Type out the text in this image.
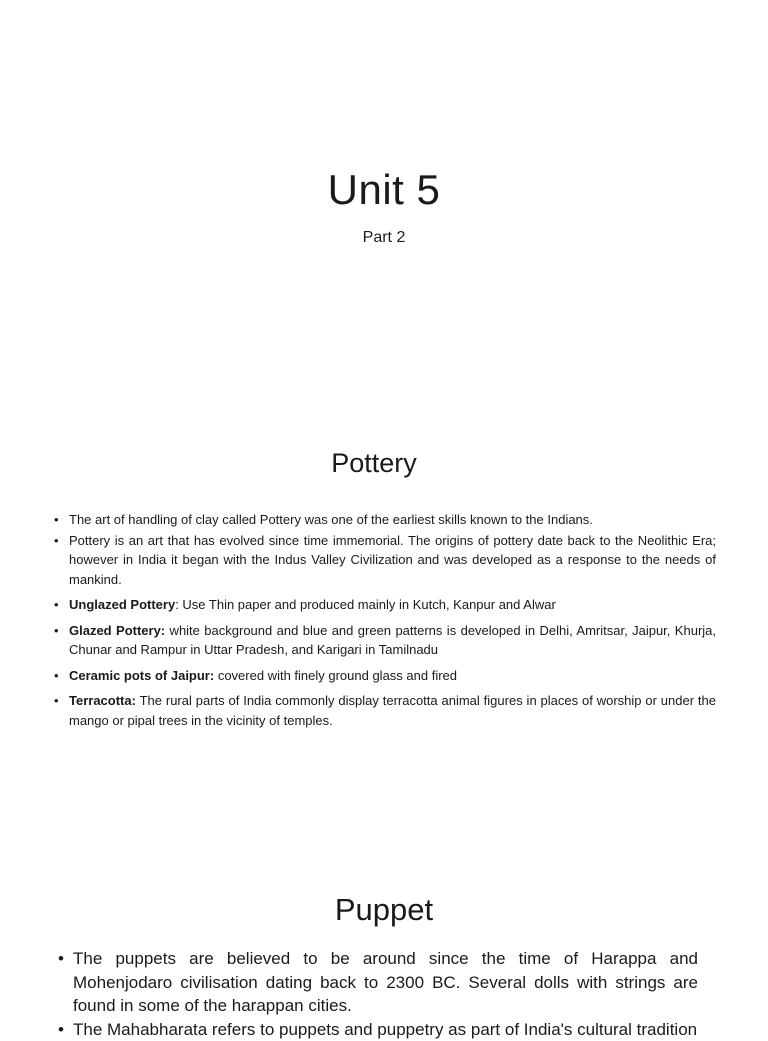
Unit 5

Part 2

Pottery
• The art of handling of clay called Pottery was one of the earliest skills known to the Indians.
• Pottery is an art that has evolved since time immemorial. The origins of pottery date back to the Neolithic Era; however in India it began with the Indus Valley Civilization and was developed as a response to the needs of mankind.
• Unglazed Pottery: Use Thin paper and produced mainly in Kutch, Kanpur and Alwar
• Glazed Pottery: white background and blue and green patterns is developed in Delhi, Amritsar, Jaipur, Khurja, Chunar and Rampur in Uttar Pradesh, and Karigari in Tamilnadu
• Ceramic pots of Jaipur: covered with finely ground glass and fired
• Terracotta: The rural parts of India commonly display terracotta animal figures in places of worship or under the mango or pipal trees in the vicinity of temples.
Puppet
• The puppets are believed to be around since the time of Harappa and Mohenjodaro civilisation dating back to 2300 BC. Several dolls with strings are found in some of the harappan cities.
• The Mahabharata refers to puppets and puppetry as part of India's cultural tradition
